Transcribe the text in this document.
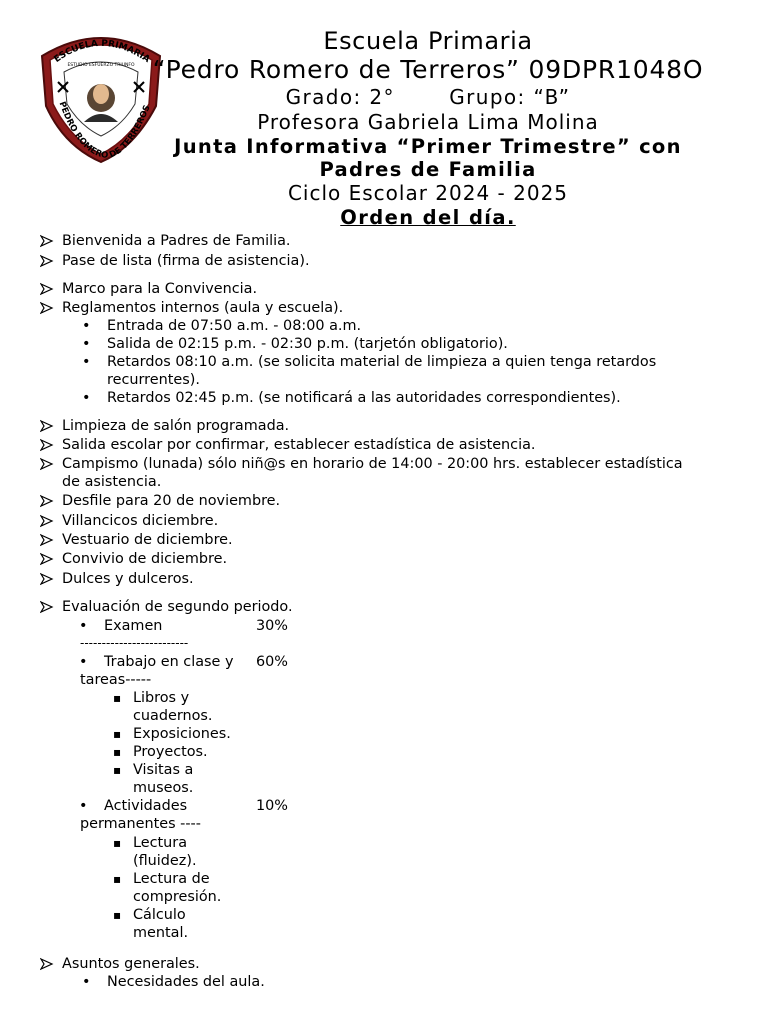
ESCUELA PRIMARIA
PEDRO ROMERO DE TERREROS
ESTUDIO ESFUERZO TRIUNFO
Escuela Primaria
“Pedro Romero de Terreros” 09DPR1048O
Grado: 2°       Grupo: “B”
Profesora Gabriela Lima Molina
Junta Informativa “Primer Trimestre” con
Padres de Familia
Ciclo Escolar 2024 - 2025
Orden del día.
Bienvenida a Padres de Familia.
Pase de lista (firma de asistencia).
Marco para la Convivencia.
Reglamentos internos (aula y escuela).
• Entrada de 07:50 a.m. - 08:00 a.m.
• Salida de 02:15 p.m. - 02:30 p.m. (tarjetón obligatorio).
• Retardos 08:10 a.m. (se solicita material de limpieza a quien tenga retardos
recurrentes).
• Retardos 02:45 p.m. (se notificará a las autoridades correspondientes).
Limpieza de salón programada.
Salida escolar por confirmar, establecer estadística de asistencia.
Campismo (lunada) sólo niñ@s en horario de 14:00 - 20:00 hrs. establecer estadística
de asistencia.
Desfile para 20 de noviembre.
Villancicos diciembre.
Vestuario de diciembre.
Convivio de diciembre.
Dulces y dulceros.
Evaluación de segundo periodo.
• Examen	30%
-------------------------
• Trabajo en clase y 60%
tareas-----
▪ Libros y
cuadernos.
▪ Exposiciones.
▪ Proyectos.
▪ Visitas a
museos.
• Actividades	10%
permanentes ----
▪ Lectura
(fluidez).
▪ Lectura de
compresión.
▪ Cálculo
mental.
Asuntos generales.
• Necesidades del aula.
